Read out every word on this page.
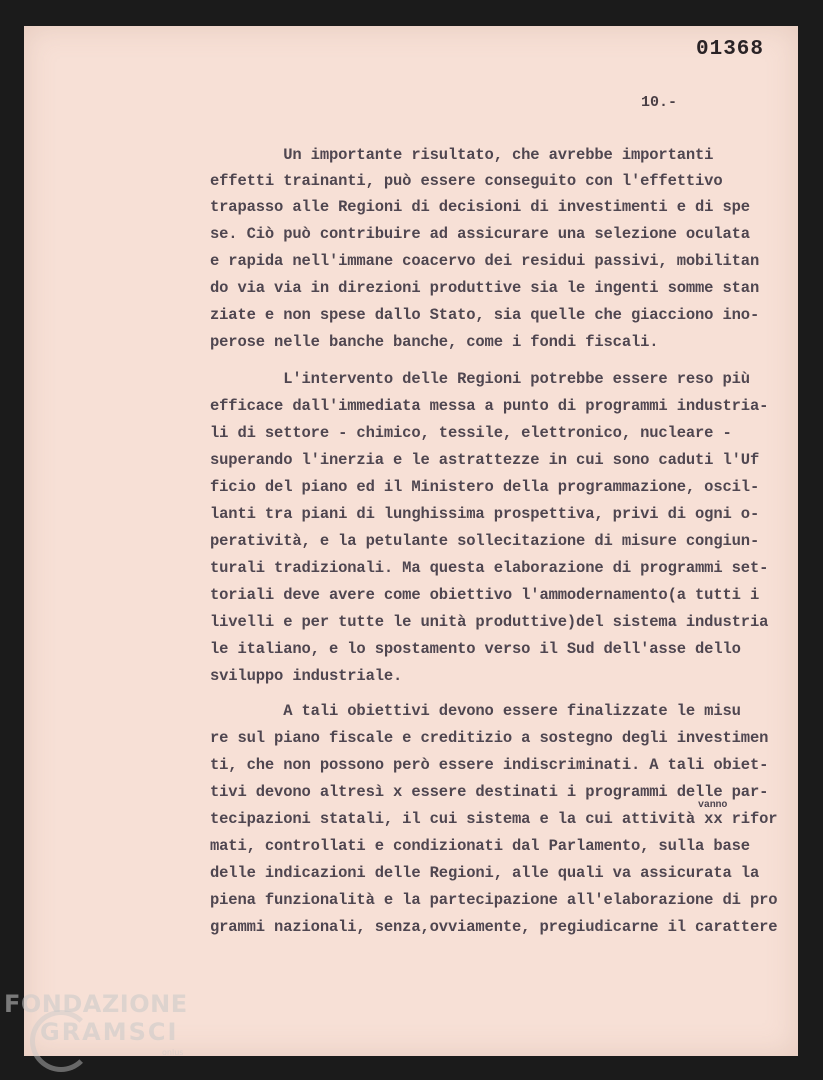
01368
10.-

Un importante risultato, che avrebbe importanti

effetti trainanti, può essere conseguito con l'effettivo

trapasso alle Regioni di decisioni di investimenti e di spe

se. Ciò può contribuire ad assicurare una selezione oculata

e rapida nell'immane coacervo dei residui passivi, mobilitan

do via via in direzioni produttive sia le ingenti somme stan

ziate e non spese dallo Stato, sia quelle che giacciono ino-

perose nelle banche banche, come i fondi fiscali.

L'intervento delle Regioni potrebbe essere reso più

efficace dall'immediata messa a punto di programmi industria-

li di settore - chimico, tessile, elettronico, nucleare -

superando l'inerzia e le astrattezze in cui sono caduti l'Uf

ficio del piano ed il Ministero della programmazione, oscil-

lanti tra piani di lunghissima prospettiva, privi di ogni o-

peratività, e la petulante sollecitazione di misure congiun-

turali tradizionali. Ma questa elaborazione di programmi set-

toriali deve avere come obiettivo l'ammodernamento(a tutti i

livelli e per tutte le unità produttive)del sistema industria

le italiano, e lo spostamento verso il Sud dell'asse dello

sviluppo industriale.

A tali obiettivi devono essere finalizzate le misu

re sul piano fiscale e creditizio a sostegno degli investimen

ti, che non possono però essere indiscriminati. A tali obiet-

tivi devono altresì x essere destinati i programmi delle par-

tecipazioni statali, il cui sistema e la cui attività xx rifor

mati, controllati e condizionati dal Parlamento, sulla base

delle indicazioni delle Regioni, alle quali va assicurata la

piena funzionalità e la partecipazione all'elaborazione di pro

grammi nazionali, senza,ovviamente, pregiudicarne il carattere

vanno

FONDAZIONE
GRAMSCI
onlus
